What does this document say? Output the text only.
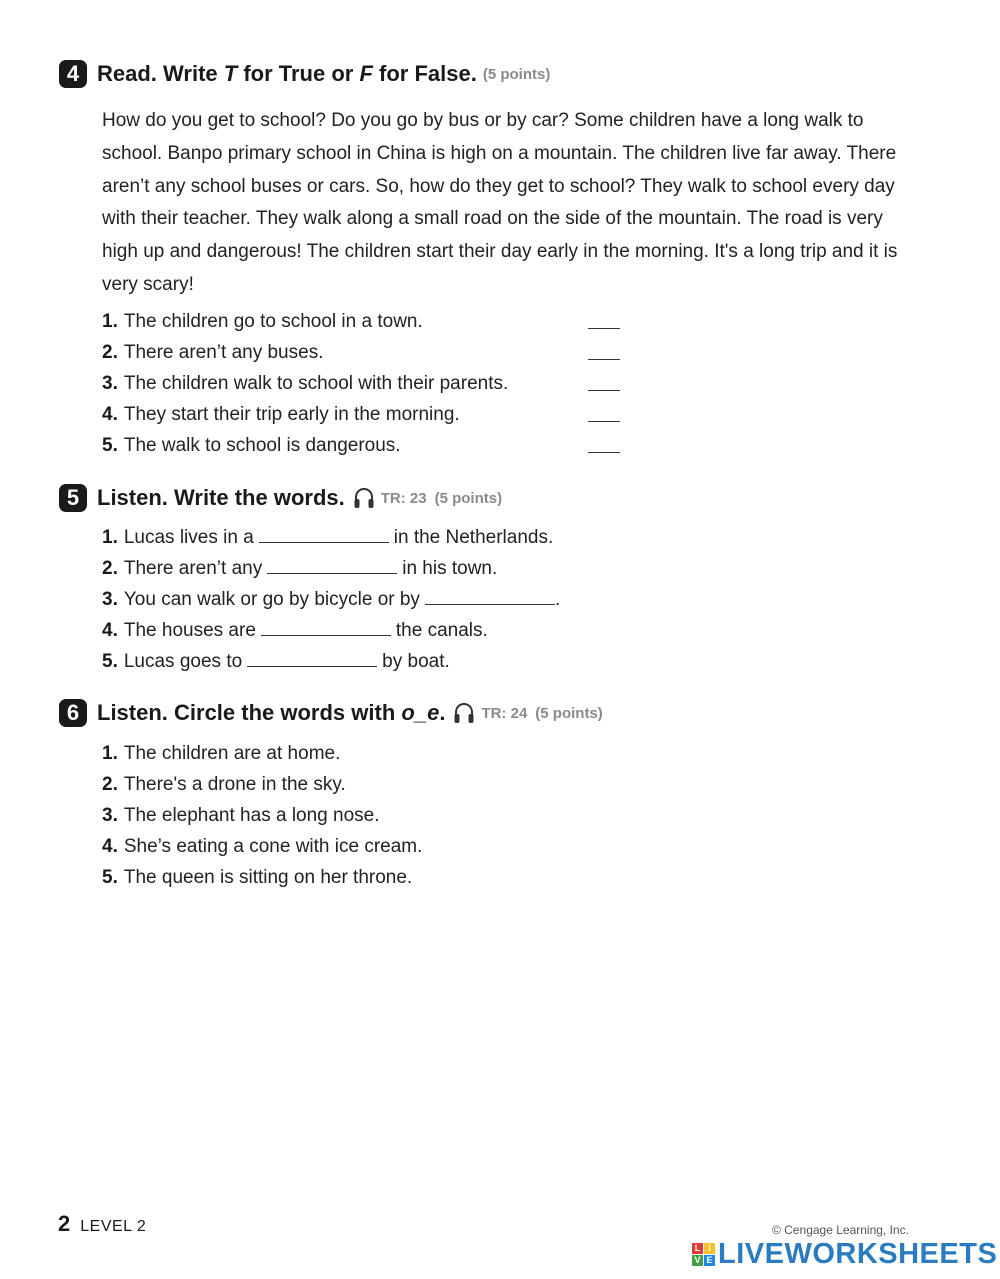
4 Read. Write T for True or F for False. (5 points)
How do you get to school? Do you go by bus or by car? Some children have a long walk to school. Banpo primary school in China is high on a mountain. The children live far away. There aren’t any school buses or cars. So, how do they get to school? They walk to school every day with their teacher. They walk along a small road on the side of the mountain. The road is very high up and dangerous! The children start their day early in the morning. It's a long trip and it is very scary!
1. The children go to school in a town.
2. There aren’t any buses.
3. The children walk to school with their parents.
4. They start their trip early in the morning.
5. The walk to school is dangerous.
5 Listen. Write the words. TR: 23 (5 points)
1. Lucas lives in a	in the Netherlands.
2. There aren’t any	in his town.
3. You can walk or go by bicycle or by	.
4. The houses are	the canals.
5. Lucas goes to	by boat.
6 Listen. Circle the words with o_e. TR: 24 (5 points)
1. The children are at home.
2. There's a drone in the sky.
3. The elephant has a long nose.
4. She’s eating a cone with ice cream.
5. The queen is sitting on her throne.
2 LEVEL 2	© Cengage Learning, Inc.
L I
V E LIVEWORKSHEETS
